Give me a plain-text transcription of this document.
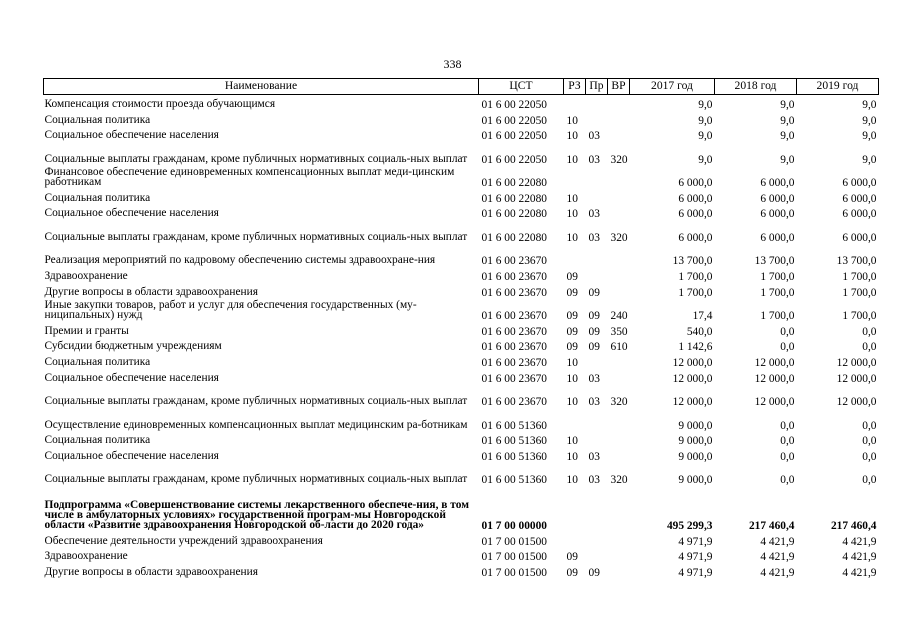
338
Наименование	ЦСТ	РЗ	Пр	ВР	2017 год	2018 год	2019 год
Компенсация стоимости проезда обучающимся	01 6 00 22050				9,0	9,0	9,0
Социальная политика	01 6 00 22050	10			9,0	9,0	9,0
Социальное обеспечение населения	01 6 00 22050	10	03		9,0	9,0	9,0
Социальные выплаты гражданам, кроме публичных нормативных социаль-ных выплат	01 6 00 22050	10	03	320	9,0	9,0	9,0
Финансовое обеспечение единовременных компенсационных выплат меди-цинским работникам	01 6 00 22080				6 000,0	6 000,0	6 000,0
Социальная политика	01 6 00 22080	10			6 000,0	6 000,0	6 000,0
Социальное обеспечение населения	01 6 00 22080	10	03		6 000,0	6 000,0	6 000,0
Социальные выплаты гражданам, кроме публичных нормативных социаль-ных выплат	01 6 00 22080	10	03	320	6 000,0	6 000,0	6 000,0
Реализация мероприятий по кадровому обеспечению системы здравоохране-ния	01 6 00 23670				13 700,0	13 700,0	13 700,0
Здравоохранение	01 6 00 23670	09			1 700,0	1 700,0	1 700,0
Другие вопросы в области здравоохранения	01 6 00 23670	09	09		1 700,0	1 700,0	1 700,0
Иные закупки товаров, работ и услуг для обеспечения государственных (му-ниципальных) нужд	01 6 00 23670	09	09	240	17,4	1 700,0	1 700,0
Премии и гранты	01 6 00 23670	09	09	350	540,0	0,0	0,0
Субсидии бюджетным учреждениям	01 6 00 23670	09	09	610	1 142,6	0,0	0,0
Социальная политика	01 6 00 23670	10			12 000,0	12 000,0	12 000,0
Социальное обеспечение населения	01 6 00 23670	10	03		12 000,0	12 000,0	12 000,0
Социальные выплаты гражданам, кроме публичных нормативных социаль-ных выплат	01 6 00 23670	10	03	320	12 000,0	12 000,0	12 000,0
Осуществление единовременных компенсационных выплат медицинским ра-ботникам	01 6 00 51360				9 000,0	0,0	0,0
Социальная политика	01 6 00 51360	10			9 000,0	0,0	0,0
Социальное обеспечение населения	01 6 00 51360	10	03		9 000,0	0,0	0,0
Социальные выплаты гражданам, кроме публичных нормативных социаль-ных выплат	01 6 00 51360	10	03	320	9 000,0	0,0	0,0
Подпрограмма «Совершенствование системы лекарственного обеспече-ния, в том числе в амбулаторных условиях» государственной програм-мы Новгородской области «Развитие здравоохранения Новгородской об-ласти до 2020 года»	01 7 00 00000				495 299,3	217 460,4	217 460,4
Обеспечение деятельности учреждений здравоохранения	01 7 00 01500				4 971,9	4 421,9	4 421,9
Здравоохранение	01 7 00 01500	09			4 971,9	4 421,9	4 421,9
Другие вопросы в области здравоохранения	01 7 00 01500	09	09		4 971,9	4 421,9	4 421,9
